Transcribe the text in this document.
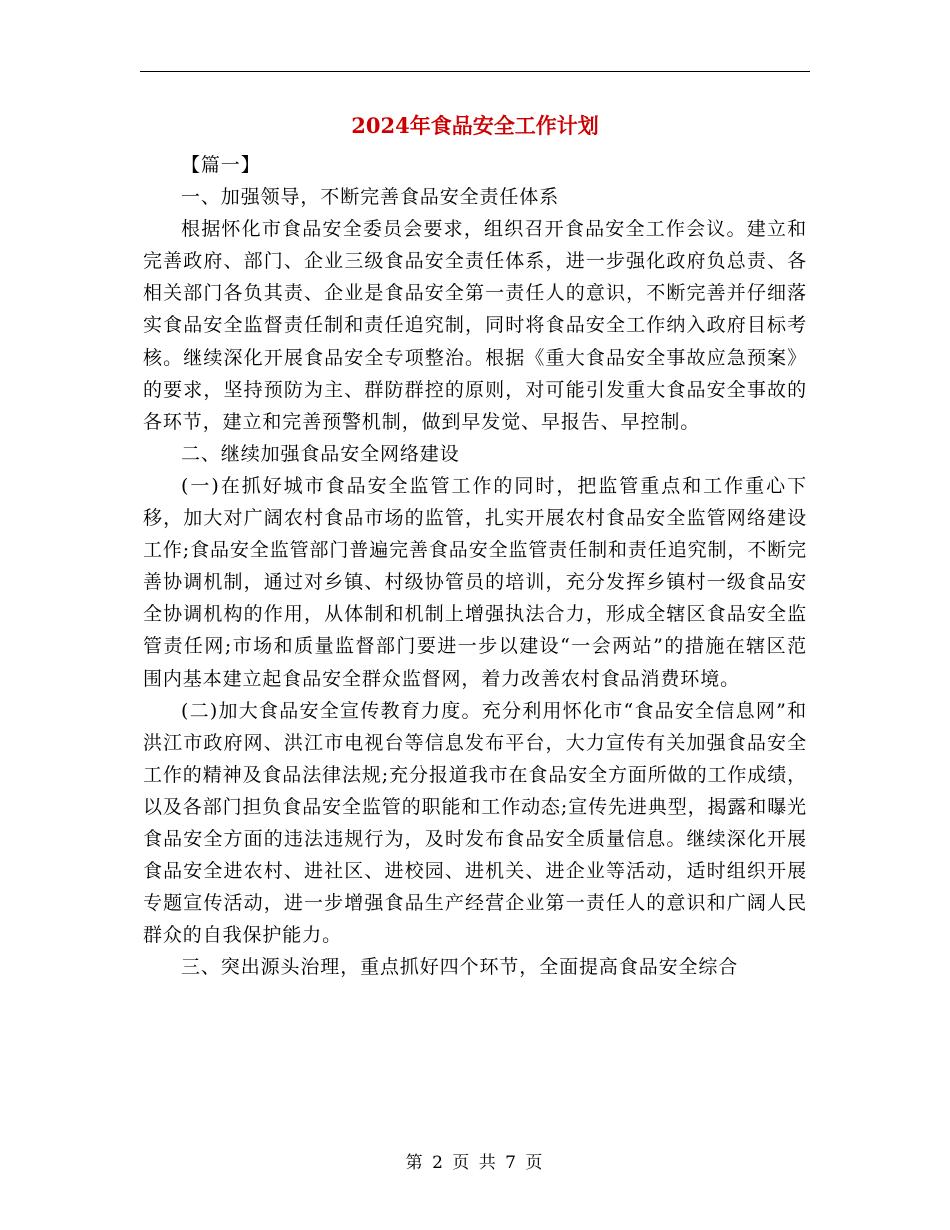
2024年食品安全工作计划

【篇一】

一、加强领导，不断完善食品安全责任体系

根据怀化市食品安全委员会要求，组织召开食品安全工作会议。建立和完善政府、部门、企业三级食品安全责任体系，进一步强化政府负总责、各相关部门各负其责、企业是食品安全第一责任人的意识，不断完善并仔细落实食品安全监督责任制和责任追究制，同时将食品安全工作纳入政府目标考核。继续深化开展食品安全专项整治。根据《重大食品安全事故应急预案》的要求，坚持预防为主、群防群控的原则，对可能引发重大食品安全事故的各环节，建立和完善预警机制，做到早发觉、早报告、早控制。

二、继续加强食品安全网络建设

(一)在抓好城市食品安全监管工作的同时，把监管重点和工作重心下移，加大对广阔农村食品市场的监管，扎实开展农村食品安全监管网络建设工作;食品安全监管部门普遍完善食品安全监管责任制和责任追究制，不断完善协调机制，通过对乡镇、村级协管员的培训，充分发挥乡镇村一级食品安全协调机构的作用，从体制和机制上增强执法合力，形成全辖区食品安全监管责任网;市场和质量监督部门要进一步以建设“一会两站”的措施在辖区范围内基本建立起食品安全群众监督网，着力改善农村食品消费环境。

(二)加大食品安全宣传教育力度。充分利用怀化市“食品安全信息网”和洪江市政府网、洪江市电视台等信息发布平台，大力宣传有关加强食品安全工作的精神及食品法律法规;充分报道我市在食品安全方面所做的工作成绩，以及各部门担负食品安全监管的职能和工作动态;宣传先进典型，揭露和曝光食品安全方面的违法违规行为，及时发布食品安全质量信息。继续深化开展食品安全进农村、进社区、进校园、进机关、进企业等活动，适时组织开展专题宣传活动，进一步增强食品生产经营企业第一责任人的意识和广阔人民群众的自我保护能力。

三、突出源头治理，重点抓好四个环节，全面提高食品安全综合

第 2 页 共 7 页
